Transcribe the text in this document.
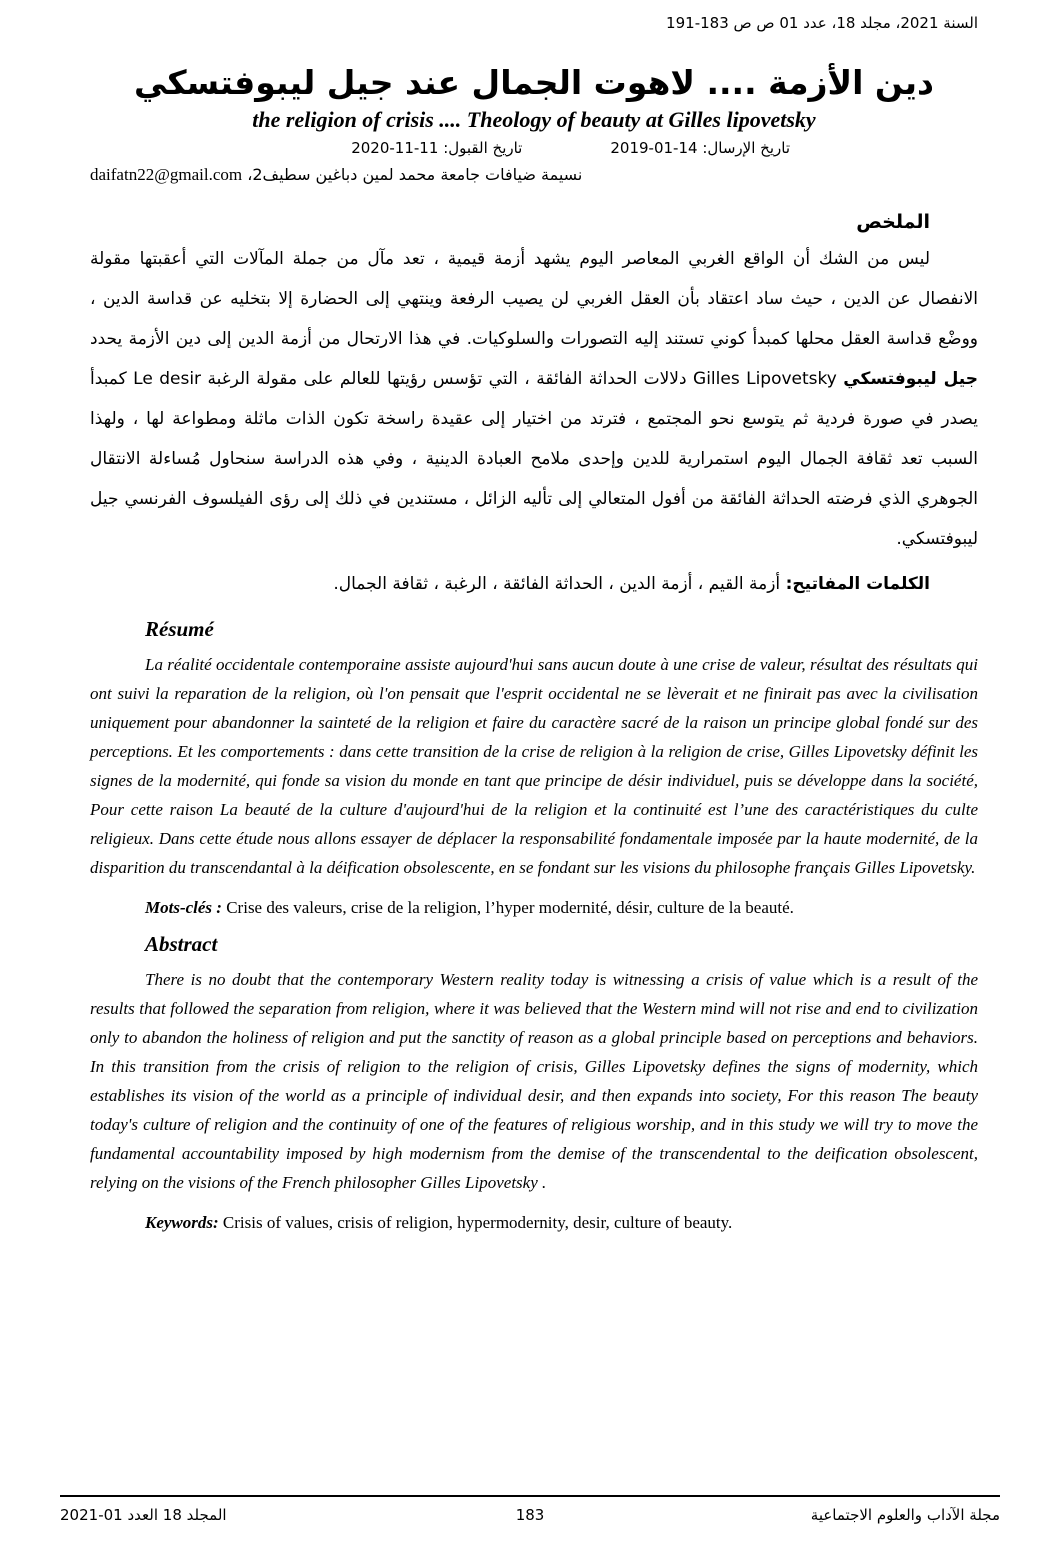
السنة 2021، مجلد 18، عدد 01 ص ص 183-191
دين الأزمة .... لاهوت الجمال عند جيل ليبوفتسكي
the religion of crisis .... Theology of beauty at Gilles lipovetsky
تاريخ الإرسال: 2019-01-14
تاريخ القبول: 2020-11-11
نسيمة ضيافات جامعة محمد لمين دباغين سطيف2، daifatn22@gmail.com
الملخص
ليس من الشك أن الواقع الغربي المعاصر اليوم يشهد أزمة قيمية ، تعد مآل من جملة المآلات التي أعقبتها مقولة الانفصال عن الدين ، حيث ساد اعتقاد بأن العقل الغربي لن يصيب الرفعة وينتهي إلى الحضارة إلا بتخليه عن قداسة الدين ، ووضْع قداسة العقل محلها كمبدأ كوني تستند إليه التصورات والسلوكيات. في هذا الارتحال من أزمة الدين إلى دين الأزمة يحدد جيل ليبوفتسكي Gilles Lipovetsky دلالات الحداثة الفائقة ، التي تؤسس رؤيتها للعالم على مقولة الرغبة Le desir كمبدأ يصدر في صورة فردية ثم يتوسع نحو المجتمع ، فترتد من اختيار إلى عقيدة راسخة تكون الذات ماثلة ومطواعة لها ، ولهذا السبب تعد ثقافة الجمال اليوم استمرارية للدين وإحدى ملامح العبادة الدينية ، وفي هذه الدراسة سنحاول مُساءلة الانتقال الجوهري الذي فرضته الحداثة الفائقة من أفول المتعالي إلى تأليه الزائل ، مستندين في ذلك إلى رؤى الفيلسوف الفرنسي جيل ليبوفتسكي.
الكلمات المفاتيح: أزمة القيم ، أزمة الدين ، الحداثة الفائقة ، الرغبة ، ثقافة الجمال.
Résumé
La réalité occidentale contemporaine assiste aujourd'hui sans aucun doute à une crise de valeur, résultat des résultats qui ont suivi la reparation de la religion, où l'on pensait que l'esprit occidental ne se lèverait et ne finirait pas avec la civilisation uniquement pour abandonner la sainteté de la religion et faire du caractère sacré de la raison un principe global fondé sur des perceptions. Et les comportements : dans cette transition de la crise de religion à la religion de crise, Gilles Lipovetsky définit les signes de la modernité, qui fonde sa vision du monde en tant que principe de désir individuel, puis se développe dans la société, Pour cette raison La beauté de la culture d'aujourd'hui de la religion et la continuité est l’une des caractéristiques du culte religieux. Dans cette étude nous allons essayer de déplacer la responsabilité fondamentale imposée par la haute modernité, de la disparition du transcendantal à la déification obsolescente, en se fondant sur les visions du philosophe français Gilles Lipovetsky.
Mots-clés : Crise des valeurs, crise de la religion, l’hyper modernité, désir, culture de la beauté.
Abstract
There is no doubt that the contemporary Western reality today is witnessing a crisis of value which is a result of the results that followed the separation from religion, where it was believed that the Western mind will not rise and end to civilization only to abandon the holiness of religion and put the sanctity of reason as a global principle based on perceptions and behaviors. In this transition from the crisis of religion to the religion of crisis, Gilles Lipovetsky defines the signs of modernity, which establishes its vision of the world as a principle of individual desir, and then expands into society, For this reason The beauty today's culture of religion and the continuity of one of the features of religious worship, and in this study we will try to move the fundamental accountability imposed by high modernism from the demise of the transcendental to the deification obsolescent, relying on the visions of the French philosopher Gilles Lipovetsky .
Keywords: Crisis of values, crisis of religion, hypermodernity, desir, culture of beauty.
المجلد 18 العدد 01-2021	183	مجلة الآداب والعلوم الاجتماعية
